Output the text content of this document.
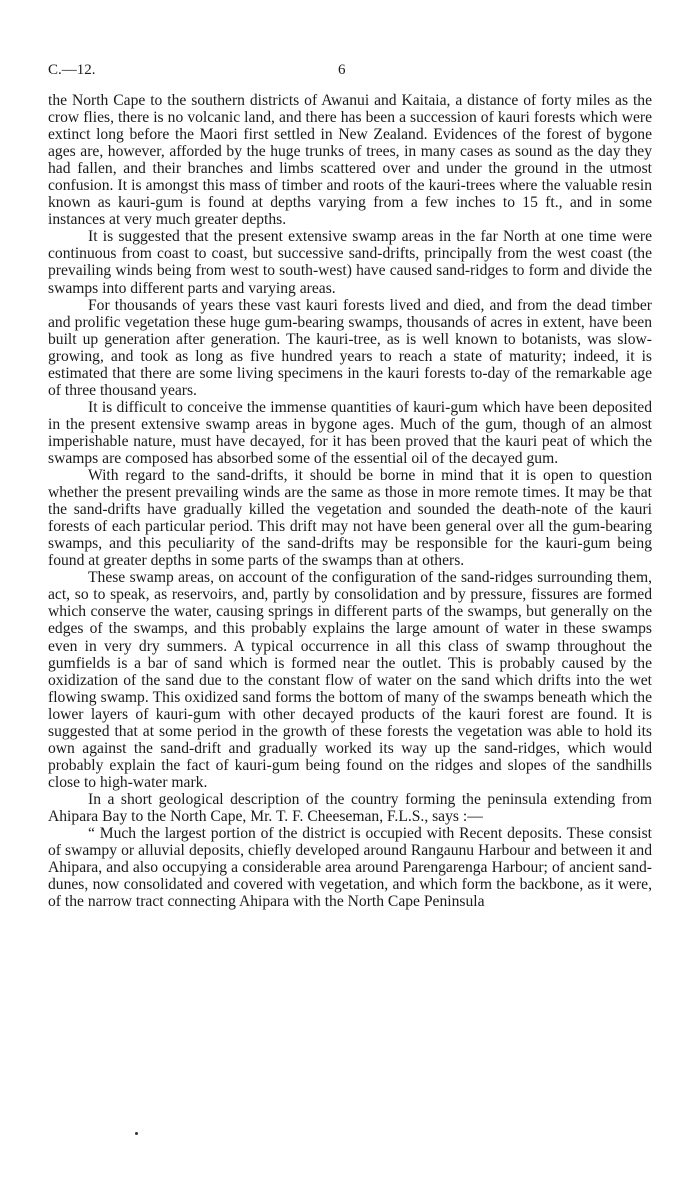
C.—12.	6

the North Cape to the southern districts of Awanui and Kaitaia, a distance of forty miles as the crow flies, there is no volcanic land, and there has been a succession of kauri forests which were extinct long before the Maori first settled in New Zealand. Evidences of the forest of bygone ages are, however, afforded by the huge trunks of trees, in many cases as sound as the day they had fallen, and their branches and limbs scattered over and under the ground in the utmost confusion. It is amongst this mass of timber and roots of the kauri-trees where the valuable resin known as kauri-gum is found at depths varying from a few inches to 15 ft., and in some instances at very much greater depths.

It is suggested that the present extensive swamp areas in the far North at one time were continuous from coast to coast, but successive sand-drifts, principally from the west coast (the prevailing winds being from west to south-west) have caused sand-ridges to form and divide the swamps into different parts and varying areas.

For thousands of years these vast kauri forests lived and died, and from the dead timber and prolific vegetation these huge gum-bearing swamps, thousands of acres in extent, have been built up generation after generation. The kauri-tree, as is well known to botanists, was slow-growing, and took as long as five hundred years to reach a state of maturity; indeed, it is estimated that there are some living specimens in the kauri forests to-day of the remarkable age of three thousand years.

It is difficult to conceive the immense quantities of kauri-gum which have been deposited in the present extensive swamp areas in bygone ages. Much of the gum, though of an almost imperishable nature, must have decayed, for it has been proved that the kauri peat of which the swamps are composed has absorbed some of the essential oil of the decayed gum.

With regard to the sand-drifts, it should be borne in mind that it is open to question whether the present prevailing winds are the same as those in more remote times. It may be that the sand-drifts have gradually killed the vegetation and sounded the death-note of the kauri forests of each particular period. This drift may not have been general over all the gum-bearing swamps, and this peculiarity of the sand-drifts may be responsible for the kauri-gum being found at greater depths in some parts of the swamps than at others.

These swamp areas, on account of the configuration of the sand-ridges surrounding them, act, so to speak, as reservoirs, and, partly by consolidation and by pressure, fissures are formed which conserve the water, causing springs in different parts of the swamps, but generally on the edges of the swamps, and this probably explains the large amount of water in these swamps even in very dry summers. A typical occurrence in all this class of swamp throughout the gumfields is a bar of sand which is formed near the outlet. This is probably caused by the oxidization of the sand due to the constant flow of water on the sand which drifts into the wet flowing swamp. This oxidized sand forms the bottom of many of the swamps beneath which the lower layers of kauri-gum with other decayed products of the kauri forest are found. It is suggested that at some period in the growth of these forests the vegetation was able to hold its own against the sand-drift and gradually worked its way up the sand-ridges, which would probably explain the fact of kauri-gum being found on the ridges and slopes of the sandhills close to high-water mark.

In a short geological description of the country forming the peninsula extending from Ahipara Bay to the North Cape, Mr. T. F. Cheeseman, F.L.S., says :—

“ Much the largest portion of the district is occupied with Recent deposits. These consist of swampy or alluvial deposits, chiefly developed around Rangaunu Harbour and between it and Ahipara, and also occupying a considerable area around Parengarenga Harbour; of ancient sand-dunes, now consolidated and covered with vegetation, and which form the backbone, as it were, of the narrow tract connecting Ahipara with the North Cape Peninsula
